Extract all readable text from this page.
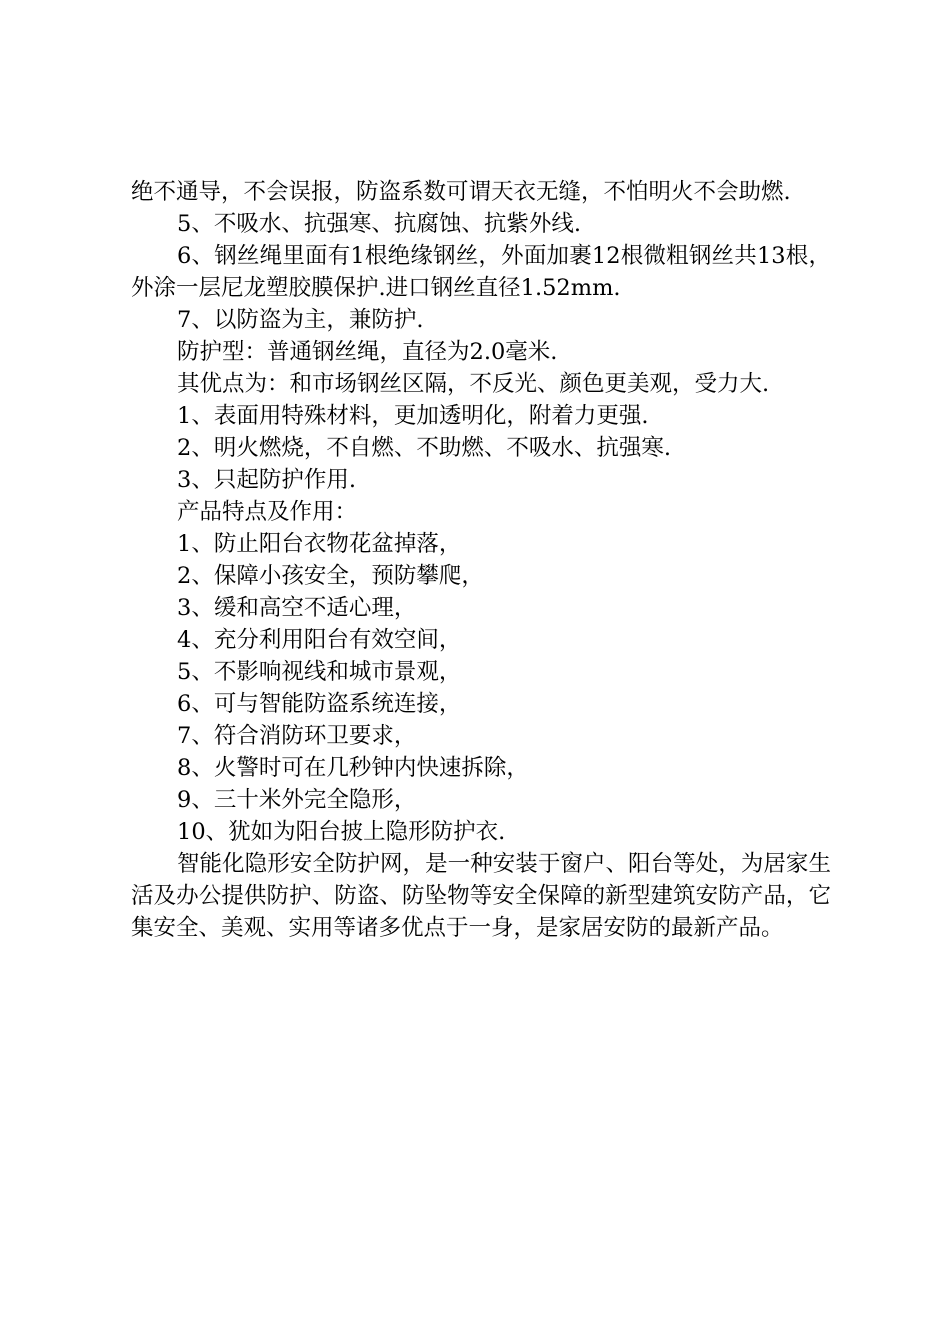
绝不通导，不会误报，防盗系数可谓天衣无缝，不怕明火不会助燃.

5、不吸水、抗强寒、抗腐蚀、抗紫外线.

6、钢丝绳里面有1根绝缘钢丝，外面加裹12根微粗钢丝共13根，外涂一层尼龙塑胶膜保护.进口钢丝直径1.52mm.

7、以防盗为主，兼防护.

防护型：普通钢丝绳，直径为2.0毫米.

其优点为：和市场钢丝区隔，不反光、颜色更美观，受力大.

1、表面用特殊材料，更加透明化，附着力更强.

2、明火燃烧，不自燃、不助燃、不吸水、抗强寒.

3、只起防护作用.

产品特点及作用：

1、防止阳台衣物花盆掉落，

2、保障小孩安全，预防攀爬，

3、缓和高空不适心理，

4、充分利用阳台有效空间，

5、不影响视线和城市景观，

6、可与智能防盗系统连接，

7、符合消防环卫要求，

8、火警时可在几秒钟内快速拆除，

9、三十米外完全隐形，

10、犹如为阳台披上隐形防护衣.

智能化隐形安全防护网，是一种安装于窗户、阳台等处，为居家生活及办公提供防护、防盗、防坠物等安全保障的新型建筑安防产品，它集安全、美观、实用等诸多优点于一身，是家居安防的最新产品。
